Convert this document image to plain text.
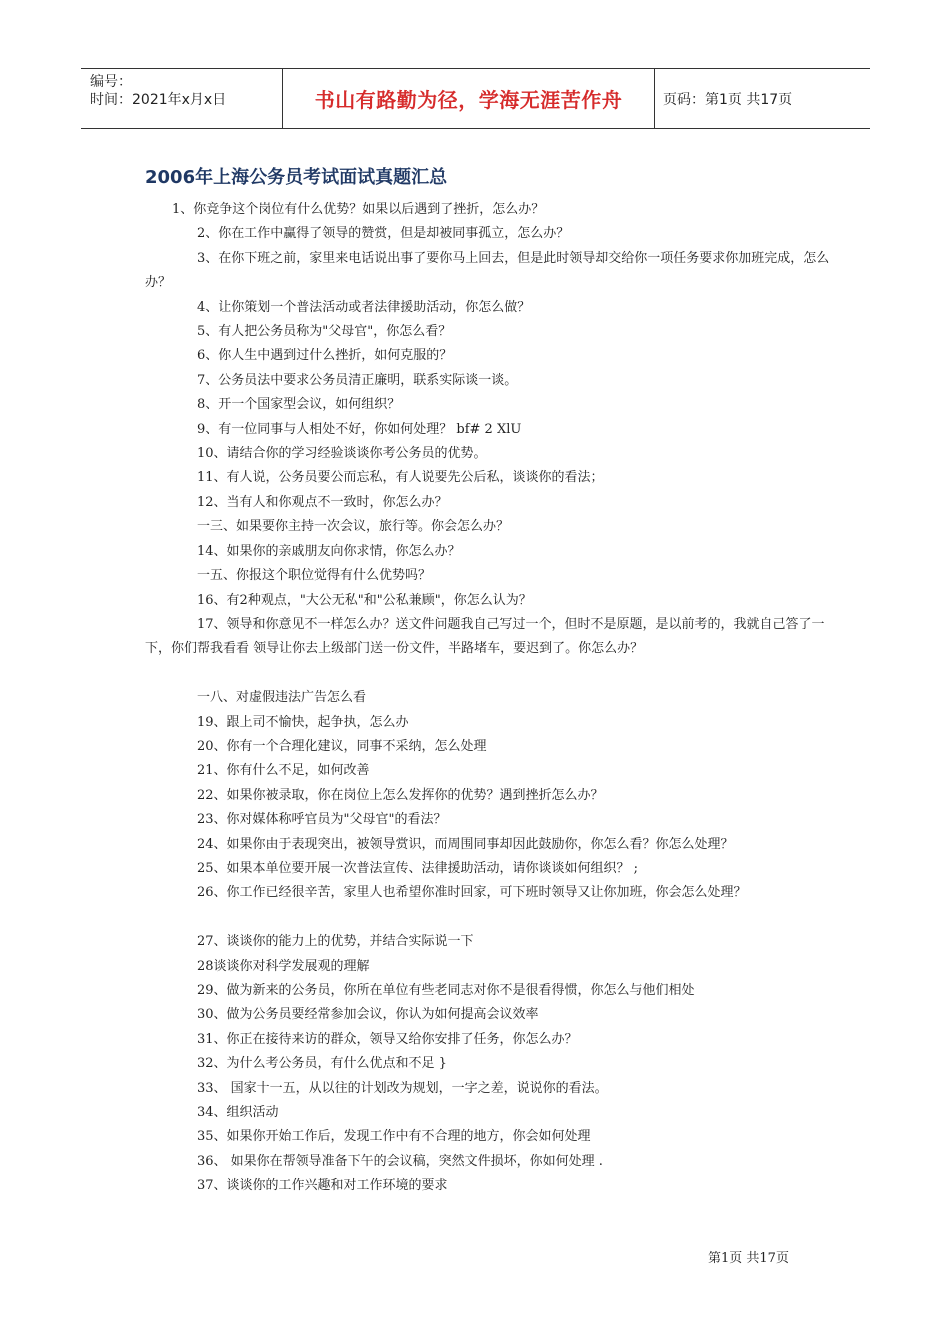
编号：
时间：2021年x月x日	书山有路勤为径，学海无涯苦作舟	页码：第1页 共17页
2006年上海公务员考试面试真题汇总
1、你竞争这个岗位有什么优势？如果以后遇到了挫折，怎么办？
2、你在工作中赢得了领导的赞赏，但是却被同事孤立，怎么办？
3、在你下班之前，家里来电话说出事了要你马上回去，但是此时领导却交给你一项任务要求你加班完成，怎么办？
4、让你策划一个普法活动或者法律援助活动，你怎么做？
5、有人把公务员称为"父母官"，你怎么看？
6、你人生中遇到过什么挫折，如何克服的？
7、公务员法中要求公务员清正廉明，联系实际谈一谈。
8、开一个国家型会议，如何组织？
9、有一位同事与人相处不好，你如何处理？ bf# 2 XlU
10、请结合你的学习经验谈谈你考公务员的优势。
11、有人说，公务员要公而忘私，有人说要先公后私，谈谈你的看法；
12、当有人和你观点不一致时，你怎么办？
一三、如果要你主持一次会议，旅行等。你会怎么办？
14、如果你的亲戚朋友向你求情，你怎么办？
一五、你报这个职位觉得有什么优势吗？
16、有2种观点，"大公无私"和"公私兼顾"，你怎么认为？
17、领导和你意见不一样怎么办？送文件问题我自己写过一个，但时不是原题，是以前考的，我就自己答了一下，你们帮我看看 领导让你去上级部门送一份文件，半路堵车，要迟到了。你怎么办？
一八、对虚假违法广告怎么看
19、跟上司不愉快，起争执，怎么办
20、你有一个合理化建议，同事不采纳，怎么处理
21、你有什么不足，如何改善
22、如果你被录取，你在岗位上怎么发挥你的优势？遇到挫折怎么办？
23、你对媒体称呼官员为"父母官"的看法？
24、如果你由于表现突出，被领导赏识，而周围同事却因此鼓励你，你怎么看？你怎么处理？
25、如果本单位要开展一次普法宣传、法律援助活动，请你谈谈如何组织？ ;
26、你工作已经很辛苦，家里人也希望你准时回家，可下班时领导又让你加班，你会怎么处理？
27、谈谈你的能力上的优势，并结合实际说一下
28谈谈你对科学发展观的理解
29、做为新来的公务员，你所在单位有些老同志对你不是很看得惯，你怎么与他们相处
30、做为公务员要经常参加会议，你认为如何提高会议效率
31、你正在接待来访的群众，领导又给你安排了任务，你怎么办？
32、为什么考公务员，有什么优点和不足 }
33、 国家十一五，从以往的计划改为规划，一字之差，说说你的看法。
34、组织活动
35、如果你开始工作后，发现工作中有不合理的地方，你会如何处理
36、 如果你在帮领导准备下午的会议稿，突然文件损坏，你如何处理 .
37、谈谈你的工作兴趣和对工作环境的要求
第1页 共17页
